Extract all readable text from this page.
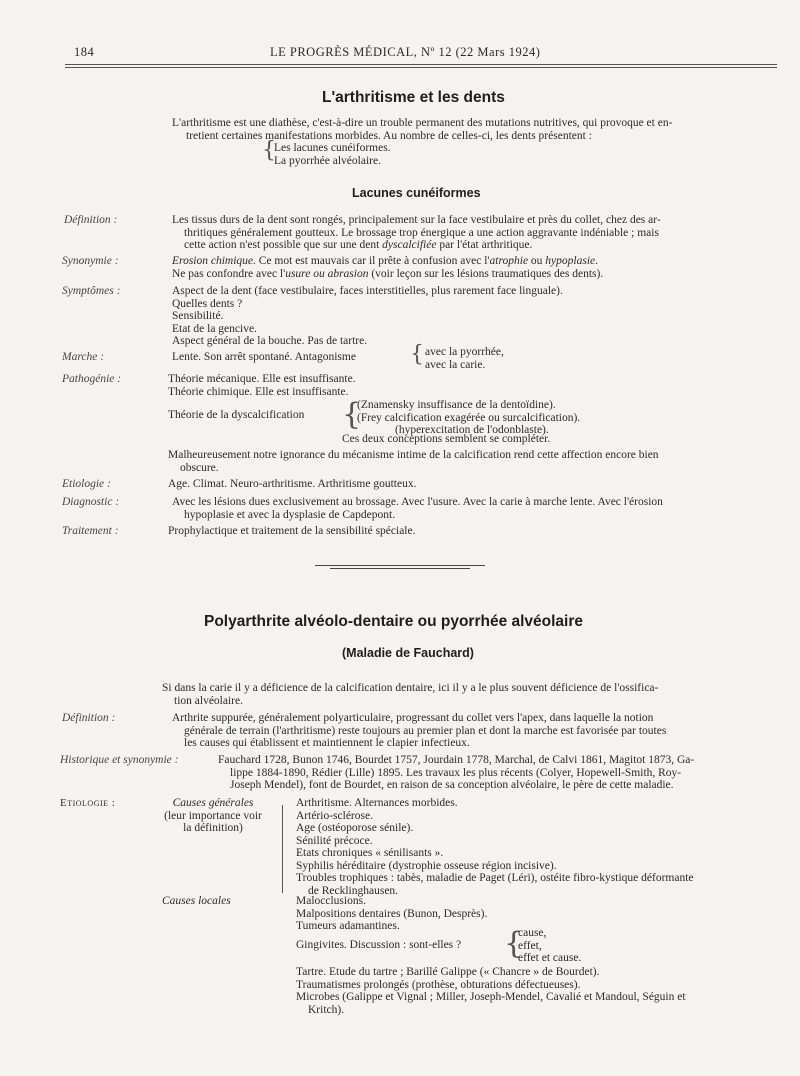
184	LE PROGRÈS MÉDICAL, Nº 12 (22 Mars 1924)
L'arthritisme et les dents
L'arthritisme est une diathèse, c'est-à-dire un trouble permanent des mutations nutritives, qui provoque et en-
tretient certaines manifestations morbides. Au nombre de celles-ci, les dents présentent :
Les lacunes cunéiformes.
La pyorrhée alvéolaire.
{
Lacunes cunéiformes
Définition :	Les tissus durs de la dent sont rongés, principalement sur la face vestibulaire et près du collet, chez des ar-
thritiques généralement goutteux. Le brossage trop énergique a une action aggravante indéniable ; mais
cette action n'est possible que sur une dent dyscalcifiée par l'état arthritique.
Synonymie :	Erosion chimique. Ce mot est mauvais car il prête à confusion avec l'atrophie ou hypoplasie.
Ne pas confondre avec l'usure ou abrasion (voir leçon sur les lésions traumatiques des dents).
Symptômes :	Aspect de la dent (face vestibulaire, faces interstitielles, plus rarement face linguale).
Quelles dents ?
Sensibilité.
Etat de la gencive.
Aspect général de la bouche. Pas de tartre.
Marche :	Lente. Son arrêt spontané. Antagonisme { avec la pyorrhée,
avec la carie.
Pathogénie :	Théorie mécanique. Elle est insuffisante.
Théorie chimique. Elle est insuffisante.
Théorie de la dyscalcification {
(Znamensky insuffisance de la dentoïdine).
(Frey calcification exagérée ou surcalcification).
(hyperexcitation de l'odonblaste).
Ces deux conceptions semblent se compléter.
Malheureusement notre ignorance du mécanisme intime de la calcification rend cette affection encore bien
obscure.
Etiologie :	Age. Climat. Neuro-arthritisme. Arthritisme goutteux.
Diagnostic :	Avec les lésions dues exclusivement au brossage. Avec l'usure. Avec la carie à marche lente. Avec l'érosion
hypoplasie et avec la dysplasie de Capdepont.
Traitement :	Prophylactique et traitement de la sensibilité spéciale.
Polyarthrite alvéolo-dentaire ou pyorrhée alvéolaire
(Maladie de Fauchard)
Si dans la carie il y a déficience de la calcification dentaire, ici il y a le plus souvent déficience de l'ossifica-
tion alvéolaire.
Définition :	Arthrite suppurée, généralement polyarticulaire, progressant du collet vers l'apex, dans laquelle la notion
générale de terrain (l'arthritisme) reste toujours au premier plan et dont la marche est favorisée par toutes
les causes qui établissent et maintiennent le clapier infectieux.
Historique et synonymie :	Fauchard 1728, Bunon 1746, Bourdet 1757, Jourdain 1778, Marchal, de Calvi 1861, Magitot 1873, Ga-
lippe 1884-1890, Rédier (Lille) 1895. Les travaux les plus récents (Colyer, Hopewell-Smith, Roy-
Joseph Mendel), font de Bourdet, en raison de sa conception alvéolaire, le père de cette maladie.
Etiologie :	Causes générales
(leur importance voir
la définition)
Arthritisme. Alternances morbides.
Artério-sclérose.
Age (ostéoporose sénile).
Sénilité précoce.
Etats chroniques « sénilisants ».
Syphilis héréditaire (dystrophie osseuse région incisive).
Troubles trophiques : tabès, maladie de Paget (Léri), ostéite fibro-kystique déformante
de Recklinghausen.
Causes locales	Malocclusions.
Malpositions dentaires (Bunon, Desprès).
Tumeurs adamantines.
Gingivites. Discussion : sont-elles ? {
cause,
effet,
effet et cause.
Tartre. Etude du tartre ; Barillé Galippe (« Chancre » de Bourdet).
Traumatismes prolongés (prothèse, obturations défectueuses).
Microbes (Galippe et Vignal ; Miller, Joseph-Mendel, Cavalié et Mandoul, Séguin et
Kritch).
